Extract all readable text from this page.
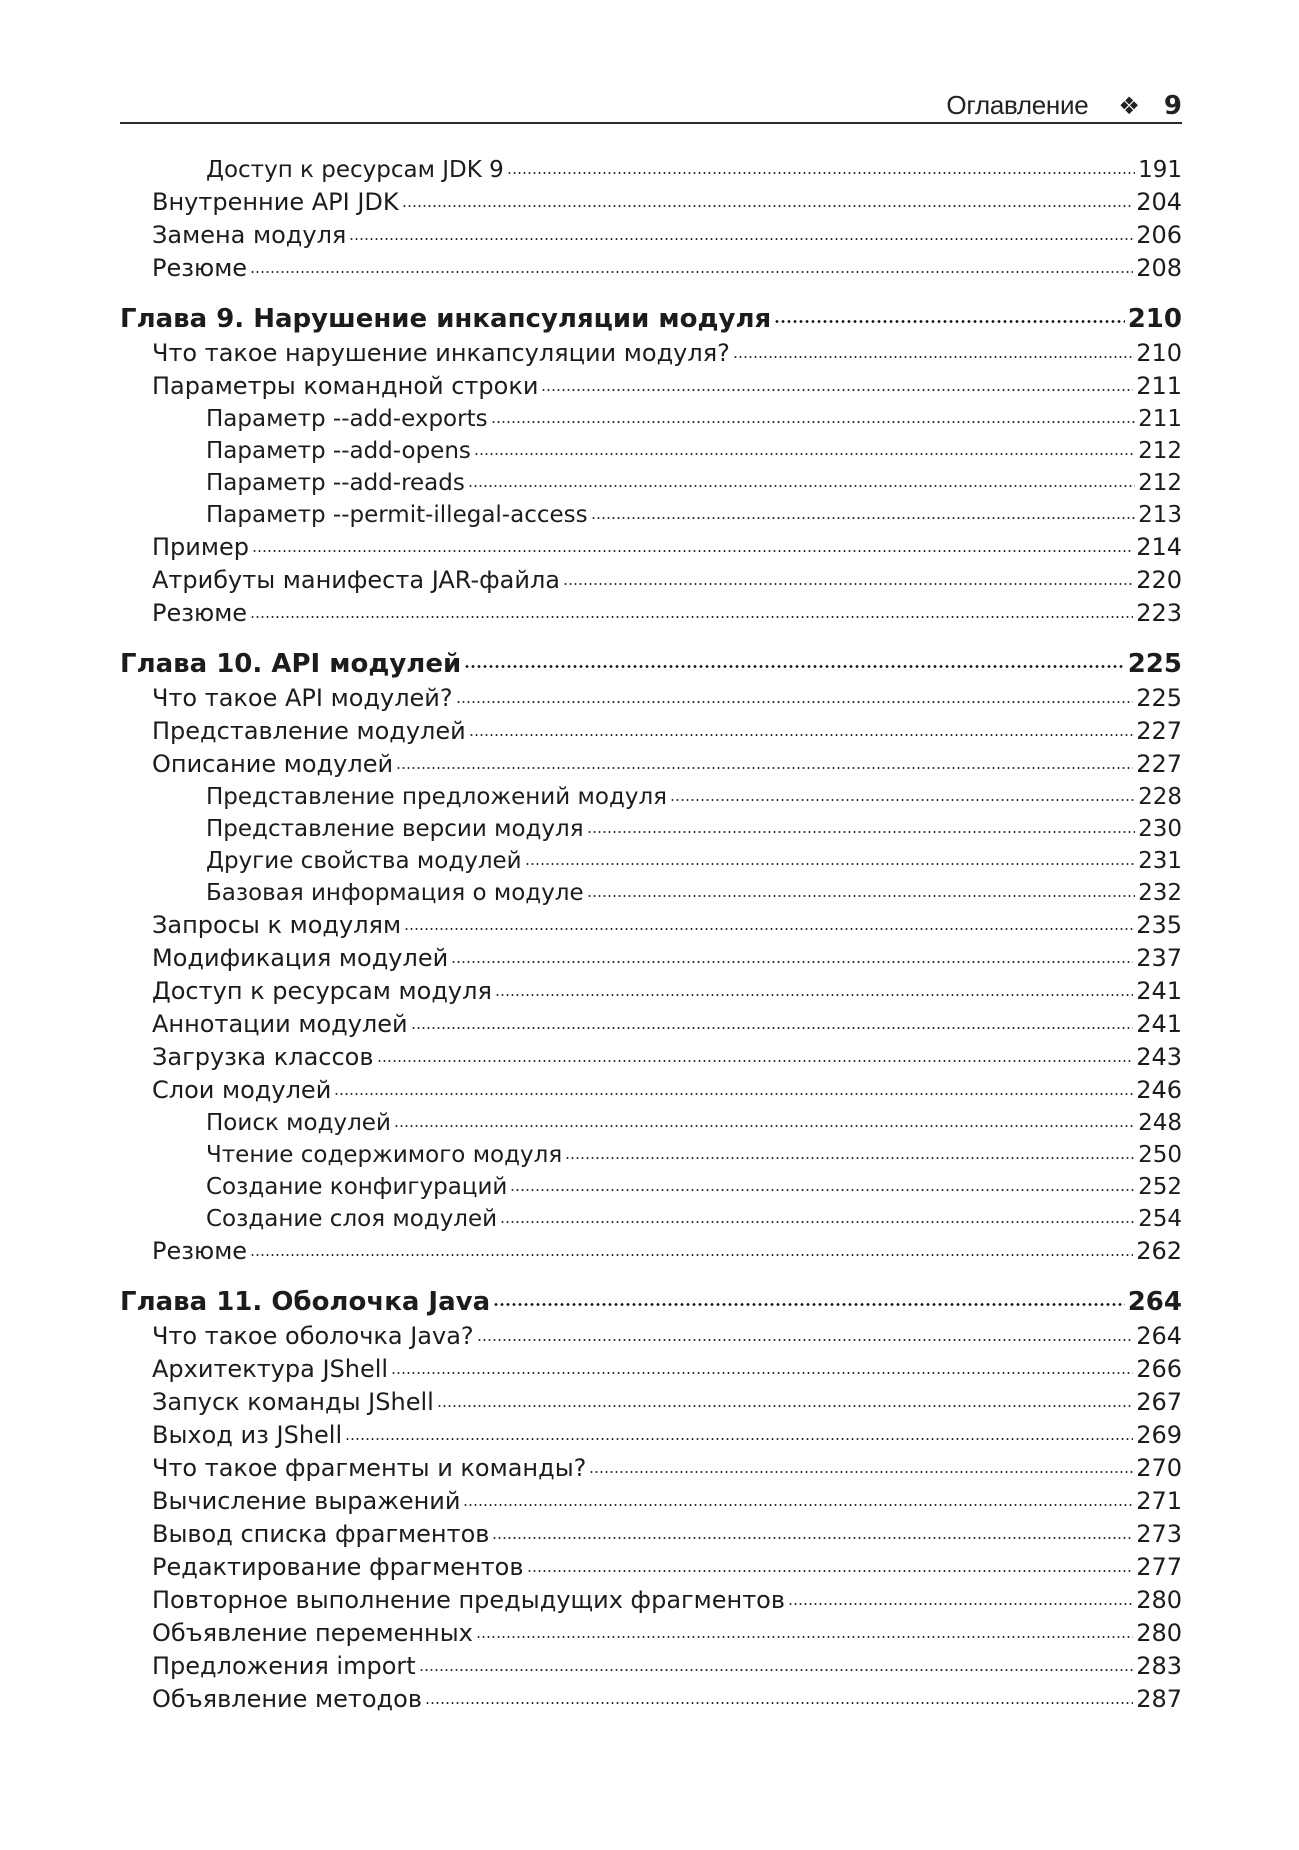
Оглавление ❖ 9
Доступ к ресурсам JDK 9	191
Внутренние API JDK	204
Замена модуля	206
Резюме	208
Глава 9. Нарушение инкапсуляции модуля	210
Что такое нарушение инкапсуляции модуля?	210
Параметры командной строки	211
Параметр --add-exports	211
Параметр --add-opens	212
Параметр --add-reads	212
Параметр --permit-illegal-access	213
Пример	214
Атрибуты манифеста JAR-файла	220
Резюме	223
Глава 10. API модулей	225
Что такое API модулей?	225
Представление модулей	227
Описание модулей	227
Представление предложений модуля	228
Представление версии модуля	230
Другие свойства модулей	231
Базовая информация о модуле	232
Запросы к модулям	235
Модификация модулей	237
Доступ к ресурсам модуля	241
Аннотации модулей	241
Загрузка классов	243
Слои модулей	246
Поиск модулей	248
Чтение содержимого модуля	250
Создание конфигураций	252
Создание слоя модулей	254
Резюме	262
Глава 11. Оболочка Java	264
Что такое оболочка Java?	264
Архитектура JShell	266
Запуск команды JShell	267
Выход из JShell	269
Что такое фрагменты и команды?	270
Вычисление выражений	271
Вывод списка фрагментов	273
Редактирование фрагментов	277
Повторное выполнение предыдущих фрагментов	280
Объявление переменных	280
Предложения import	283
Объявление методов	287
